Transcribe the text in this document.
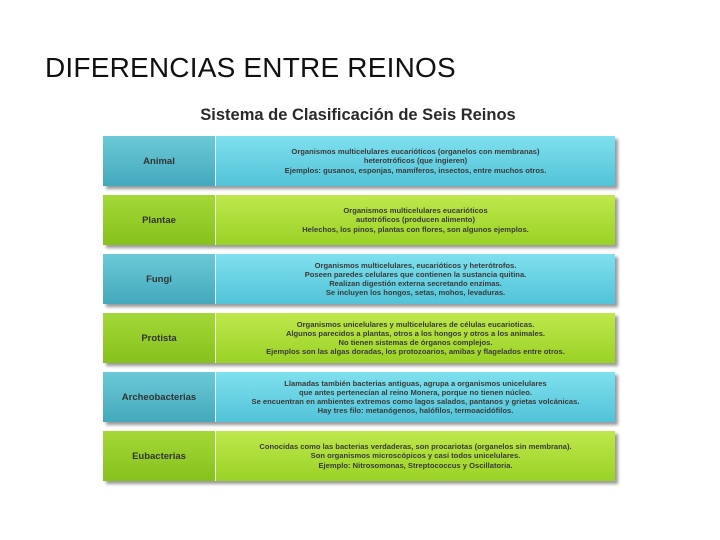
DIFERENCIAS ENTRE REINOS
Sistema de Clasificación de Seis Reinos
Animal
Organismos multicelulares eucarióticos (organelos con membranas)
heterotróficos (que ingieren)
Ejemplos: gusanos, esponjas, mamíferos, insectos, entre muchos otros.
Plantae
Organismos multicelulares eucarióticos
autotróficos (producen alimento)
Helechos, los pinos, plantas con flores, son algunos ejemplos.
Fungi
Organismos multicelulares, eucarióticos y heterótrofos.
Poseen paredes celulares que contienen la sustancia quitina.
Realizan digestión externa secretando enzimas.
Se incluyen los hongos, setas, mohos, levaduras.
Protista
Organismos unicelulares y multicelulares de células eucarioticas.
Algunos parecidos a plantas, otros a los hongos y otros a los animales.
No tienen sistemas de órganos complejos.
Ejemplos son las algas doradas, los protozoarios, amibas y flagelados entre otros.
Archeobacterias
Llamadas también bacterias antiguas, agrupa a organismos unicelulares
que antes pertenecían al reino Monera, porque no tienen núcleo.
Se encuentran en ambientes extremos como lagos salados, pantanos y grietas volcánicas.
Hay tres filo: metanógenos, halófilos, termoacidófilos.
Eubacterias
Conocidas como las bacterias verdaderas, son procariotas (organelos sin membrana).
Son organismos microscópicos y casi todos unicelulares.
Ejemplo: Nitrosomonas, Streptococcus y Oscillatoria.
